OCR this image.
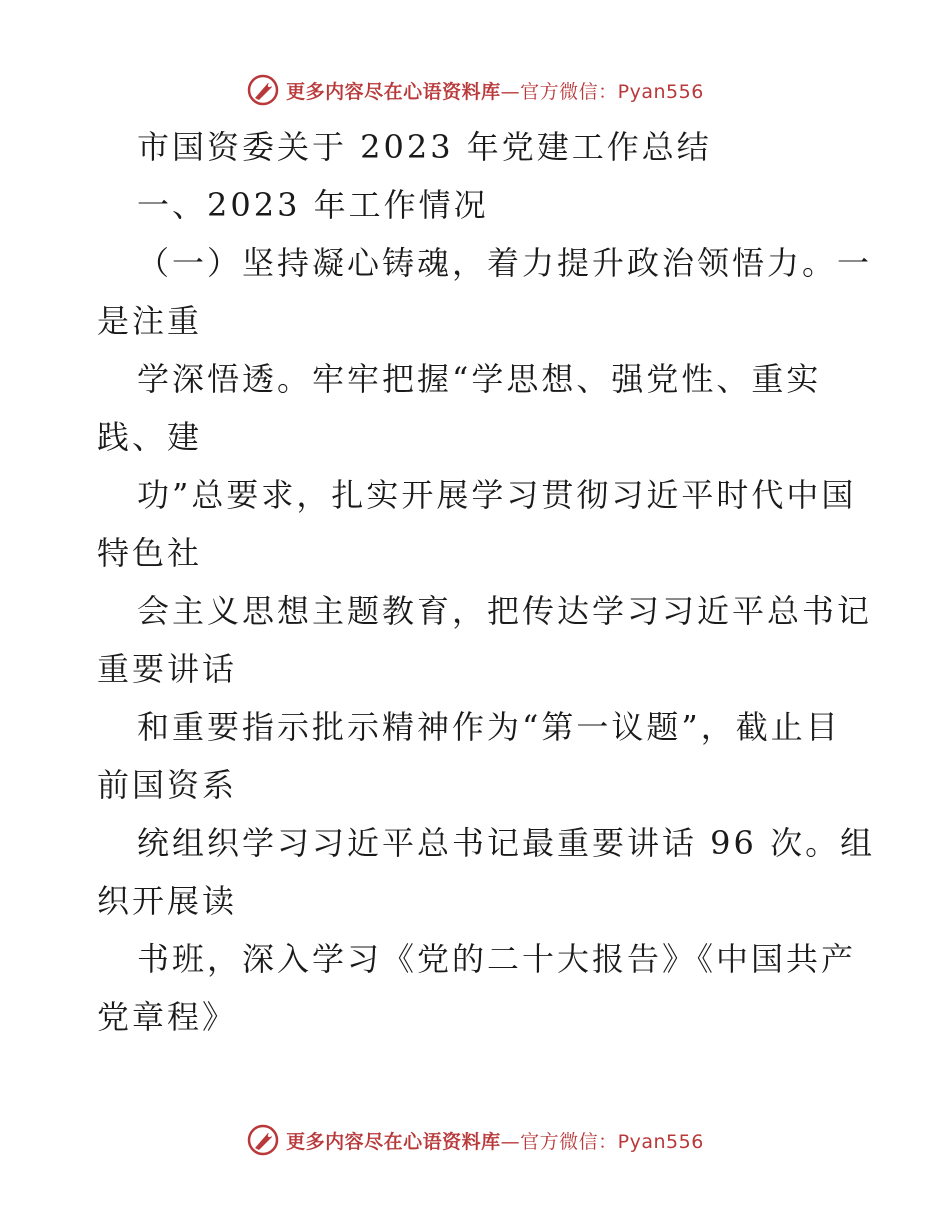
更多内容尽在心语资料库—官方微信：Pyan556
市国资委关于 2023 年党建工作总结
一、2023 年工作情况
（一）坚持凝心铸魂，着力提升政治领悟力。一
是注重
学深悟透。牢牢把握“学思想、强党性、重实
践、建
功”总要求，扎实开展学习贯彻习近平时代中国
特色社
会主义思想主题教育，把传达学习习近平总书记
重要讲话
和重要指示批示精神作为“第一议题”，截止目
前国资系
统组织学习习近平总书记最重要讲话 96 次。组
织开展读
书班，深入学习《党的二十大报告》《中国共产
党章程》
更多内容尽在心语资料库—官方微信：Pyan556
